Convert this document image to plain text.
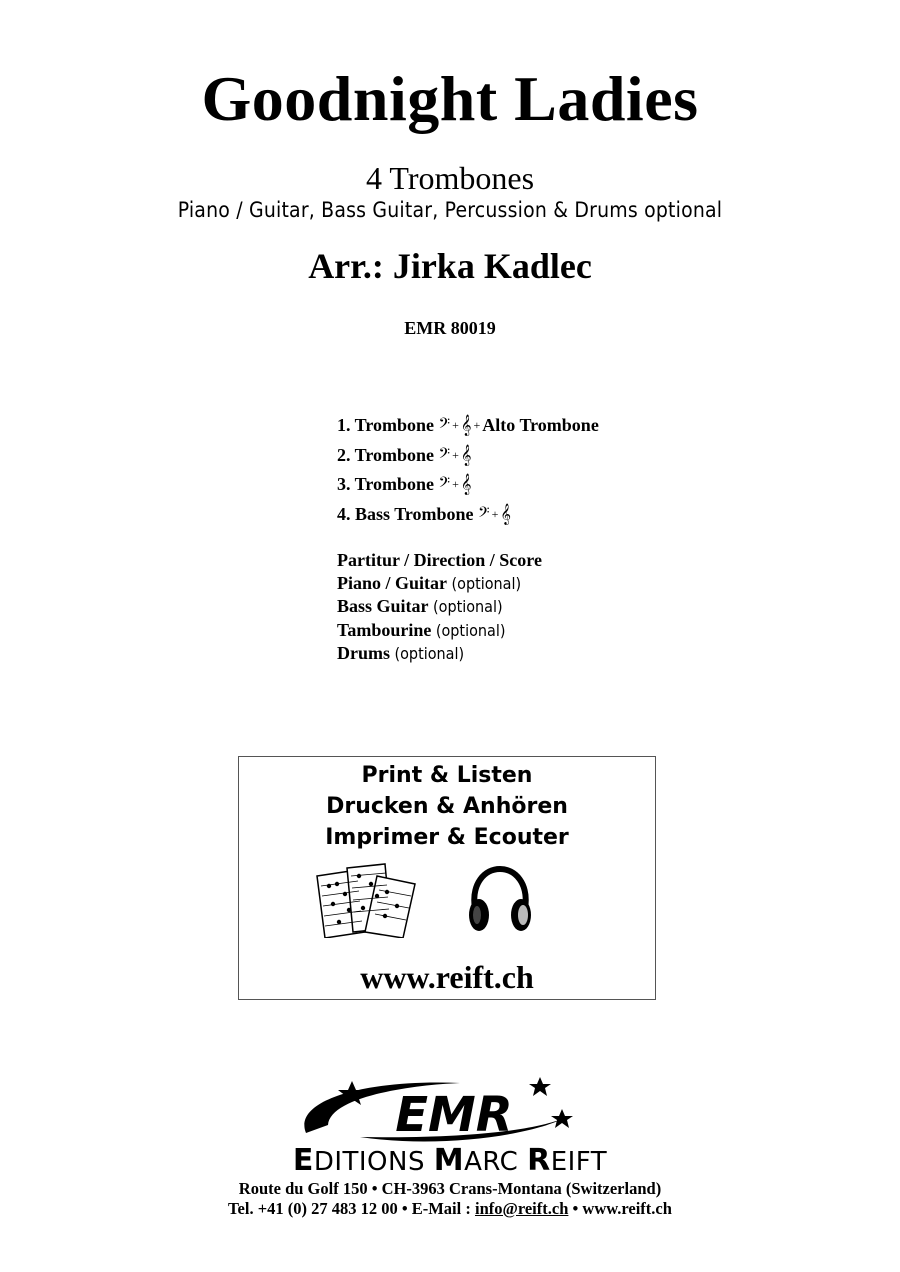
Goodnight Ladies
4 Trombones
Piano / Guitar, Bass Guitar, Percussion & Drums optional
Arr.: Jirka Kadlec
EMR 80019
1. Trombone 𝄢 + 𝄞 + Alto Trombone
2. Trombone 𝄢 + 𝄞
3. Trombone 𝄢 + 𝄞
4. Bass Trombone 𝄢 + 𝄞
Partitur / Direction / Score
Piano / Guitar (optional)
Bass Guitar (optional)
Tambourine (optional)
Drums (optional)
Print & Listen
Drucken & Anhören
Imprimer & Ecouter
www.reift.ch
EMR
EDITIONS MARC REIFT
Route du Golf 150 • CH-3963 Crans-Montana (Switzerland)
Tel. +41 (0) 27 483 12 00 • E-Mail : info@reift.ch • www.reift.ch
